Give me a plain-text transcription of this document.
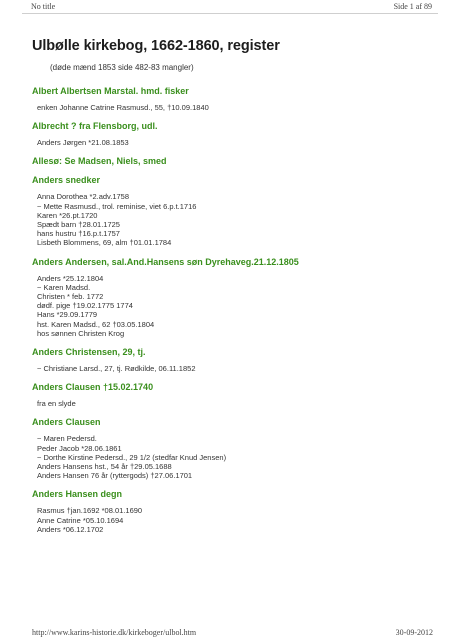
No title	Side 1 af 89
Ulbølle kirkebog, 1662-1860, register
(døde mænd 1853 side 482-83 mangler)
Albert Albertsen Marstal. hmd. fisker
enken Johanne Catrine Rasmusd., 55, †10.09.1840
Albrecht ? fra Flensborg, udl.
Anders Jørgen *21.08.1853
Allesø: Se Madsen, Niels, smed
Anders snedker
Anna Dorothea *2.adv.1758
~ Mette Rasmusd., trol. reminise, viet 6.p.t.1716
Karen *26.pt.1720
Spædt barn †28.01.1725
hans hustru †16.p.t.1757
Lisbeth Blommens, 69, alm †01.01.1784
Anders Andersen, sal.And.Hansens søn Dyrehaveg.21.12.1805
Anders *25.12.1804
~ Karen Madsd.
Christen * feb. 1772
dødf. pige †19.02.1775 1774
Hans *29.09.1779
hst. Karen Madsd., 62 †03.05.1804
hos sønnen Christen Krog
Anders Christensen, 29, tj.
~ Christiane Larsd., 27, tj. Rødkilde, 06.11.1852
Anders Clausen †15.02.1740
fra en slyde
Anders Clausen
~ Maren Pedersd.
Peder Jacob *28.06.1861
~ Dorthe Kirstine Pedersd., 29 1/2 (stedfar Knud Jensen)
Anders Hansens hst., 54 år †29.05.1688
Anders Hansen 76 år (ryttergods) †27.06.1701
Anders Hansen degn
Rasmus †jan.1692 *08.01.1690
Anne Catrine *05.10.1694
Anders *06.12.1702
http://www.karins-historie.dk/kirkeboger/ulbol.htm	30-09-2012
